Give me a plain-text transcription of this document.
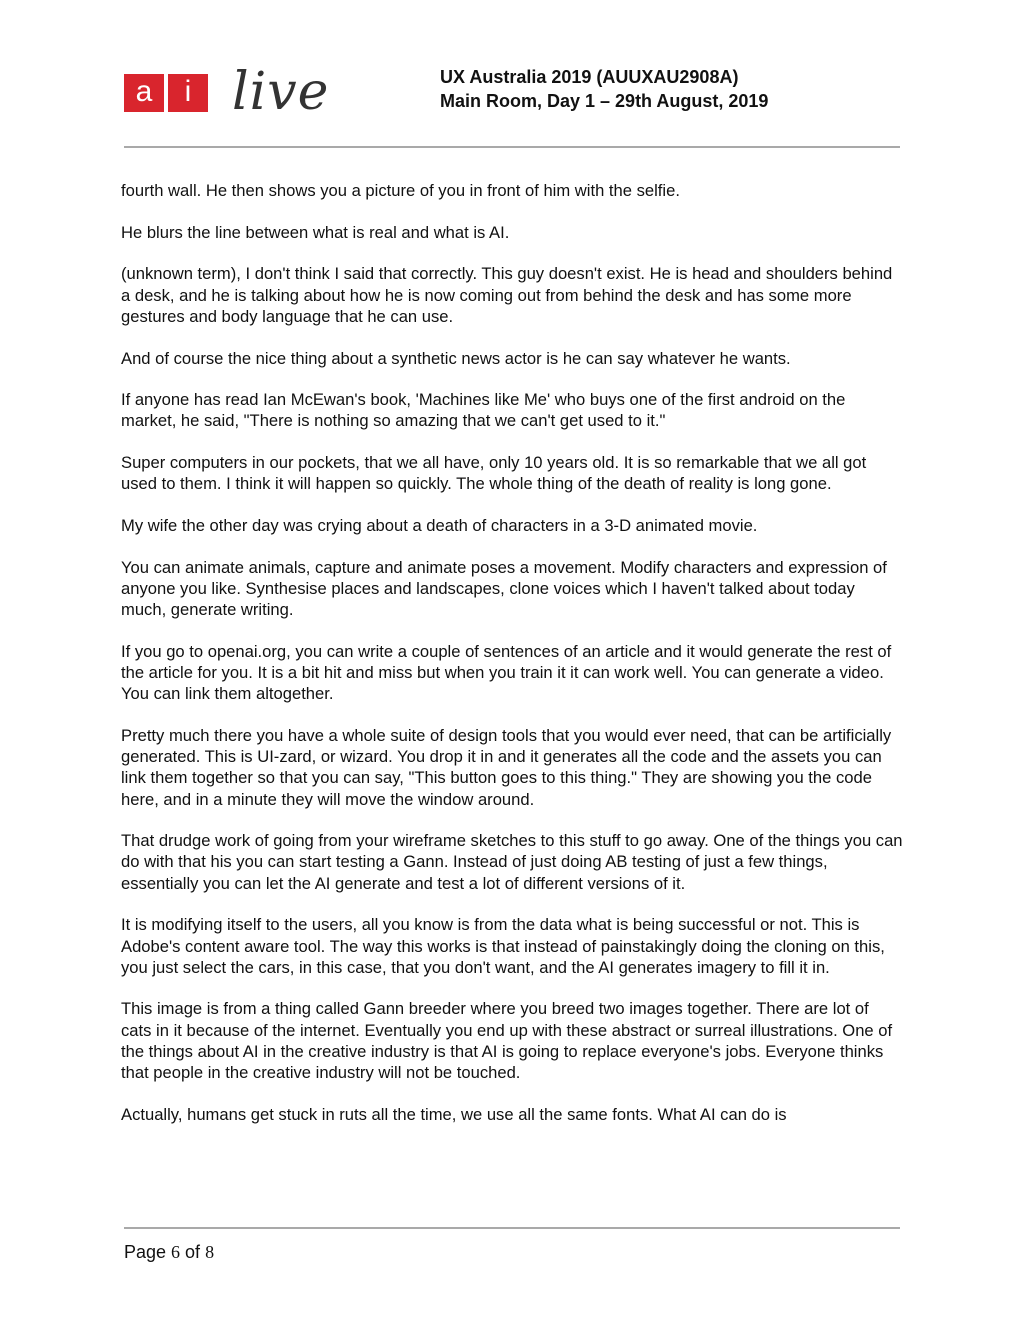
a	i live	UX Australia 2019 (AUUXAU2908A)
Main Room, Day 1 – 29th August, 2019

fourth wall. He then shows you a picture of you in front of him with the selfie.

He blurs the line between what is real and what is AI.

(unknown term), I don't think I said that correctly. This guy doesn't exist. He is head and shoulders behind a desk, and he is talking about how he is now coming out from behind the desk and has some more gestures and body language that he can use.

And of course the nice thing about a synthetic news actor is he can say whatever he wants.

If anyone has read Ian McEwan's book, 'Machines like Me' who buys one of the first android on the market, he said, "There is nothing so amazing that we can't get used to it."

Super computers in our pockets, that we all have, only 10 years old. It is so remarkable that we all got used to them. I think it will happen so quickly. The whole thing of the death of reality is long gone.

My wife the other day was crying about a death of characters in a 3-D animated movie.

You can animate animals, capture and animate poses a movement. Modify characters and expression of anyone you like. Synthesise places and landscapes, clone voices which I haven't talked about today much, generate writing.

If you go to openai.org, you can write a couple of sentences of an article and it would generate the rest of the article for you. It is a bit hit and miss but when you train it it can work well. You can generate a video. You can link them altogether.

Pretty much there you have a whole suite of design tools that you would ever need, that can be artificially generated. This is UI-zard, or wizard. You drop it in and it generates all the code and the assets you can link them together so that you can say, "This button goes to this thing." They are showing you the code here, and in a minute they will move the window around.

That drudge work of going from your wireframe sketches to this stuff to go away. One of the things you can do with that his you can start testing a Gann. Instead of just doing AB testing of just a few things, essentially you can let the AI generate and test a lot of different versions of it.

It is modifying itself to the users, all you know is from the data what is being successful or not. This is Adobe's content aware tool. The way this works is that instead of painstakingly doing the cloning on this, you just select the cars, in this case, that you don't want, and the AI generates imagery to fill it in.

This image is from a thing called Gann breeder where you breed two images together. There are lot of cats in it because of the internet. Eventually you end up with these abstract or surreal illustrations. One of the things about AI in the creative industry is that AI is going to replace everyone's jobs. Everyone thinks that people in the creative industry will not be touched.

Actually, humans get stuck in ruts all the time, we use all the same fonts. What AI can do is

Page 6 of 8
